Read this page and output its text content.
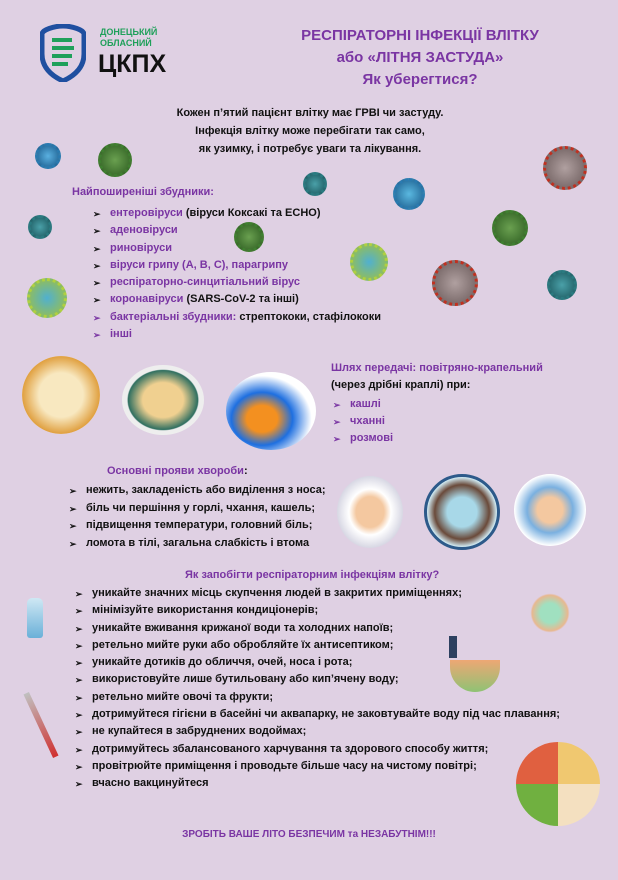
ДОНЕЦЬКИЙ
ОБЛАСНИЙ
ЦКПХ
РЕСПІРАТОРНІ ІНФЕКЦІЇ ВЛІТКУ
або «ЛІТНЯ ЗАСТУДА»
Як уберегтися?
Кожен п’ятий пацієнт влітку має ГРВІ чи застуду.
Інфекція влітку може перебігати так само,
як узимку, і потребує уваги та лікування.
Найпоширеніші збудники:
➢ ентеровіруси (віруси Коксакі та ЕСНО)
➢ аденовіруси
➢ риновіруси
➢ віруси грипу (А, В, С), парагрипу
➢ респіраторно-синцитіальний вірус
➢ коронавіруси (SARS-CoV-2 та інші)
➢ бактеріальні збудники: стрептококи, стафілококи
➢ інші
Шлях передачі: повітряно-крапельний
(через дрібні краплі) при:
➢ кашлі
➢ чханні
➢ розмові
Основні прояви хвороби:
➢ нежить, закладеність або виділення з носа;
➢ біль чи першіння у горлі, чхання, кашель;
➢ підвищення температури, головний біль;
➢ ломота в тілі, загальна слабкість і втома
Як запобігти респіраторним інфекціям влітку?
➢ уникайте значних місць скупчення людей в закритих приміщеннях;
➢ мінімізуйте використання кондиціонерів;
➢ уникайте вживання крижаної води та холодних напоїв;
➢ ретельно мийте руки або обробляйте їх антисептиком;
➢ уникайте дотиків до обличчя, очей, носа і рота;
➢ використовуйте лише бутильовану або кип’ячену воду;
➢ ретельно мийте овочі та фрукти;
➢ дотримуйтеся гігієни в басейні чи аквапарку, не заковтувайте воду під час плавання;
➢ не купайтеся в забруднених водоймах;
➢ дотримуйтесь збалансованого харчування та здорового способу життя;
➢ провітрюйте приміщення і проводьте більше часу на чистому повітрі;
➢ вчасно вакцинуйтеся
ЗРОБІТЬ ВАШЕ ЛІТО БЕЗПЕЧИМ та НЕЗАБУТНІМ!!!
